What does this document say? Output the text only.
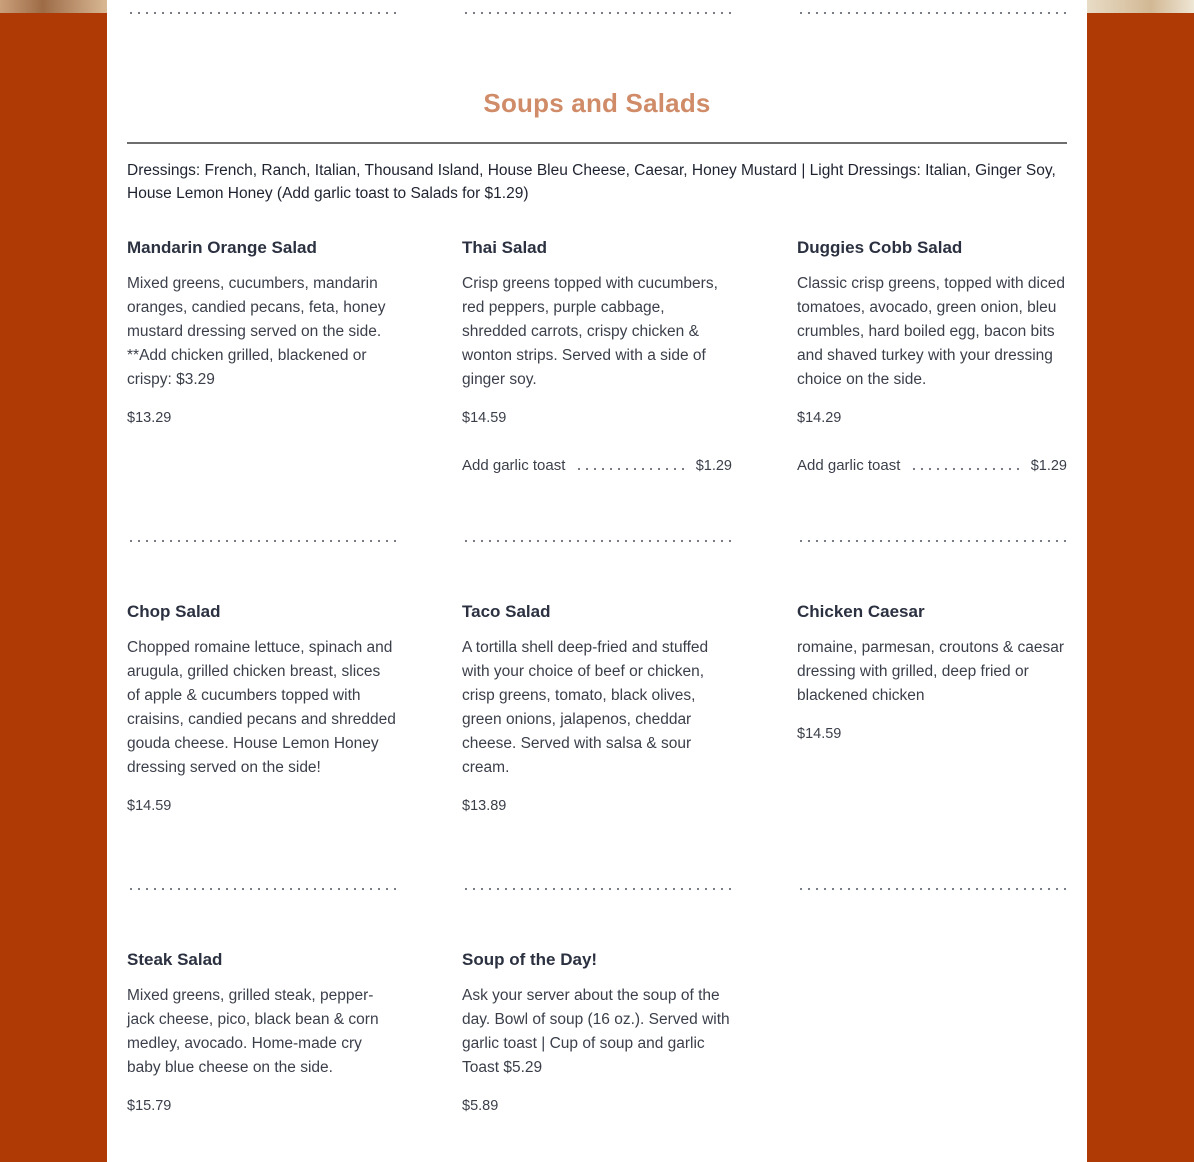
Soups and Salads

Dressings: French, Ranch, Italian, Thousand Island, House Bleu Cheese, Caesar, Honey Mustard | Light Dressings: Italian, Ginger Soy, House Lemon Honey (Add garlic toast to Salads for $1.29)

Mandarin Orange Salad

Mixed greens, cucumbers, mandarin oranges, candied pecans, feta, honey mustard dressing served on the side. **Add chicken grilled, blackened or crispy: $3.29

$13.29

Thai Salad

Crisp greens topped with cucumbers, red peppers, purple cabbage, shredded carrots, crispy chicken & wonton strips. Served with a side of ginger soy.

$14.59

Add garlic toast	$1.29
Duggies Cobb Salad

Classic crisp greens, topped with diced tomatoes, avocado, green onion, bleu crumbles, hard boiled egg, bacon bits and shaved turkey with your dressing choice on the side.

$14.29

Add garlic toast	$1.29
Chop Salad

Chopped romaine lettuce, spinach and arugula, grilled chicken breast, slices of apple & cucumbers topped with craisins, candied pecans and shredded gouda cheese. House Lemon Honey dressing served on the side!

$14.59

Taco Salad

A tortilla shell deep-fried and stuffed with your choice of beef or chicken, crisp greens, tomato, black olives, green onions, jalapenos, cheddar cheese. Served with salsa & sour cream.

$13.89

Chicken Caesar

romaine, parmesan, croutons & caesar dressing with grilled, deep fried or blackened chicken

$14.59

Steak Salad

Mixed greens, grilled steak, pepper-jack cheese, pico, black bean & corn medley, avocado. Home-made cry baby blue cheese on the side.

$15.79

Soup of the Day!

Ask your server about the soup of the day. Bowl of soup (16 oz.). Served with garlic toast | Cup of soup and garlic Toast $5.29

$5.89
